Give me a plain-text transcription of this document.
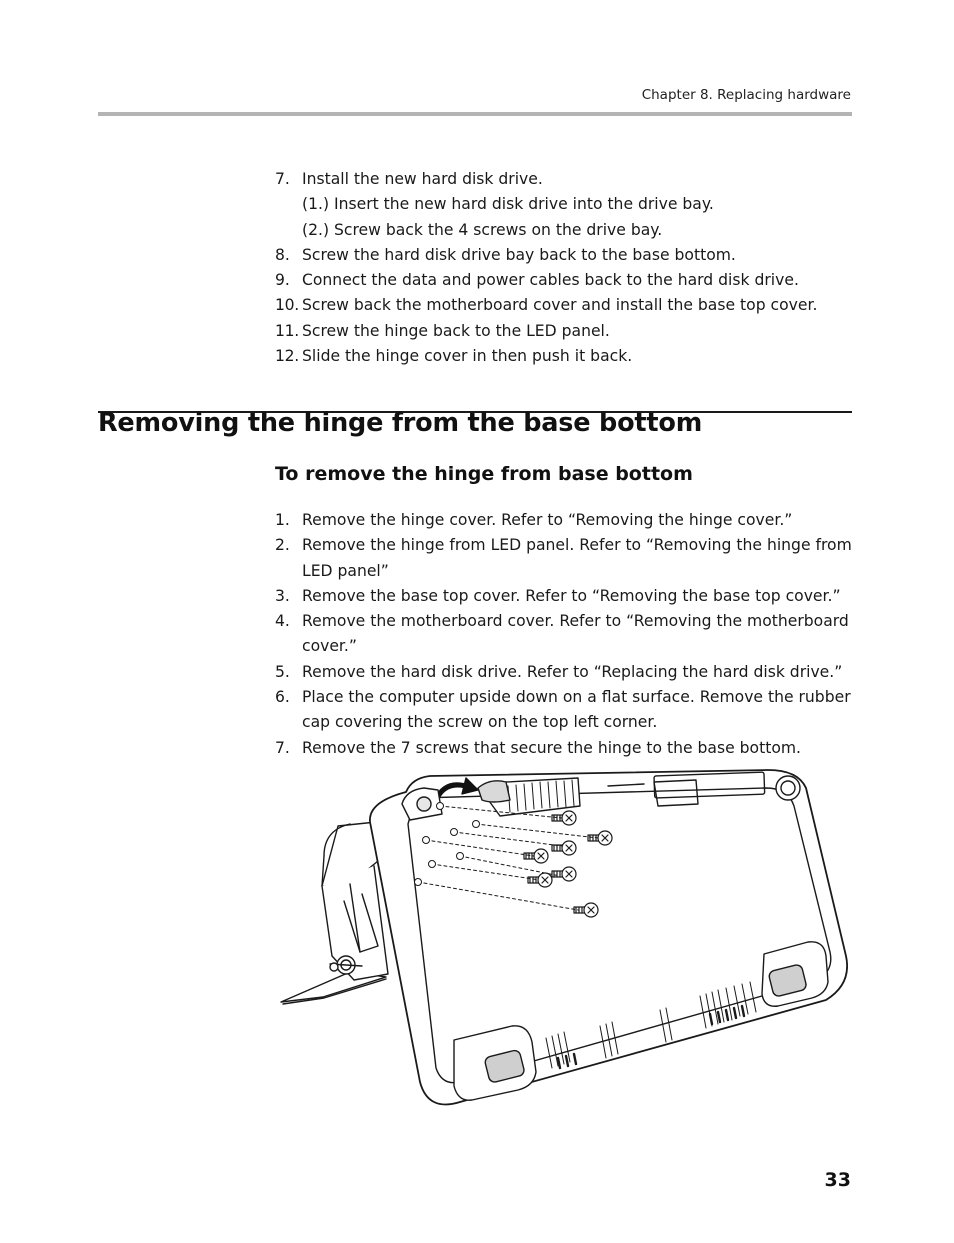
Chapter 8. Replacing hardware
7. Install the new hard disk drive.
(1.) Insert the new hard disk drive into the drive bay.
(2.) Screw back the 4 screws on the drive bay.
8. Screw the hard disk drive bay back to the base bottom.
9. Connect the data and power cables back to the hard disk drive.
10. Screw back the motherboard cover and install the base top cover.
11. Screw the hinge back to the LED panel.
12. Slide the hinge cover in then push it back.
Removing the hinge from the base bottom
To remove the hinge from base bottom
1. Remove the hinge cover. Refer to “Removing the hinge cover.”
2. Remove the hinge from LED panel. Refer to “Removing the hinge from LED panel”
3. Remove the base top cover. Refer to “Removing the base top cover.”
4. Remove the motherboard cover. Refer to “Removing the motherboard cover.”
5. Remove the hard disk drive. Refer to “Replacing the hard disk drive.”
6. Place the computer upside down on a flat surface. Remove the rubber cap covering the screw on the top left corner.
7. Remove the 7 screws that secure the hinge to the base bottom.
33
